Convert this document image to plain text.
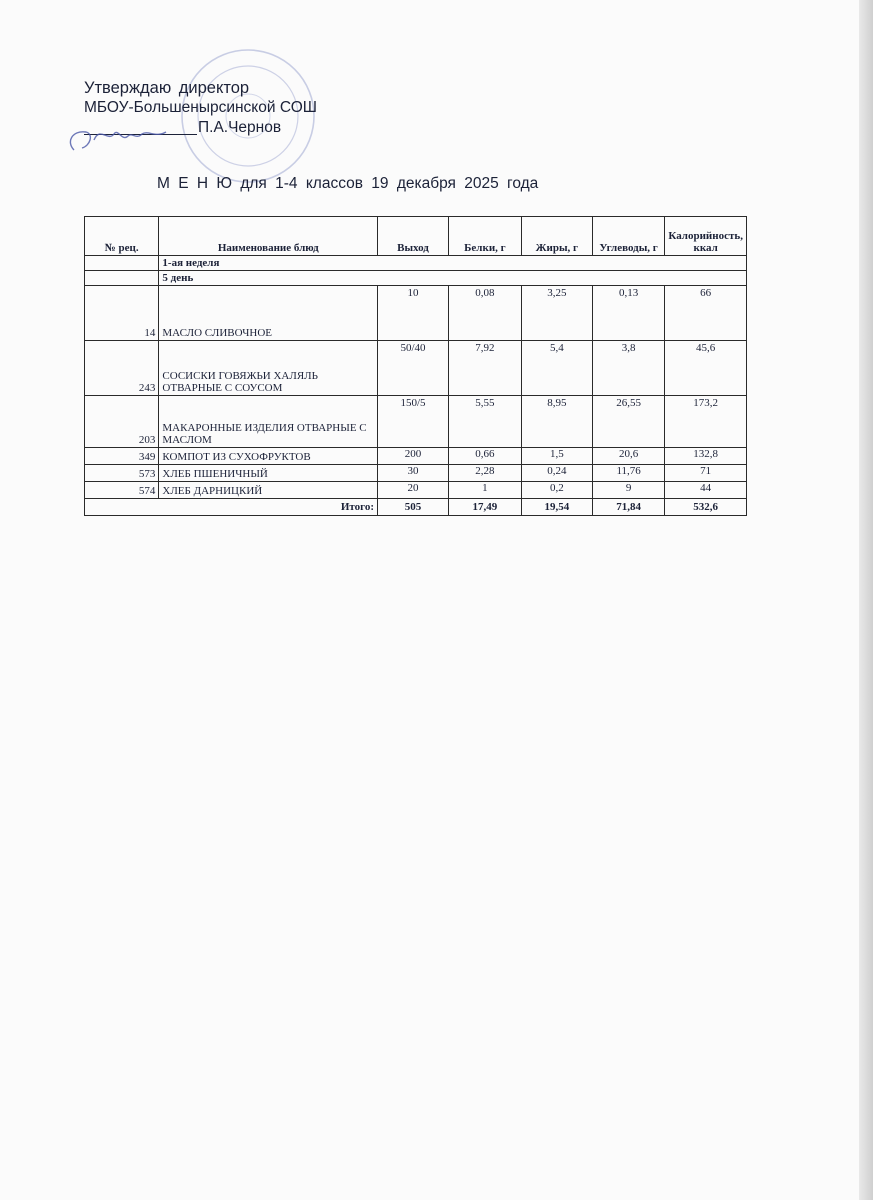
Утверждаю директор
МБОУ-Большенырсинской СОШ
П.А.Чернов
М Е Н Ю для 1-4 классов 19 декабря 2025 года
№ рец.	Наименование блюд	Выход	Белки, г	Жиры, г	Углеводы, г	Калорийность, ккал
	1-ая неделя					
	5 день					
14	МАСЛО СЛИВОЧНОЕ	10	0,08	3,25	0,13	66
243	СОСИСКИ ГОВЯЖЬИ ХАЛЯЛЬ ОТВАРНЫЕ С СОУСОМ	50/40	7,92	5,4	3,8	45,6
203	МАКАРОННЫЕ ИЗДЕЛИЯ ОТВАРНЫЕ С МАСЛОМ	150/5	5,55	8,95	26,55	173,2
349	КОМПОТ ИЗ СУХОФРУКТОВ	200	0,66	1,5	20,6	132,8
573	ХЛЕБ ПШЕНИЧНЫЙ	30	2,28	0,24	11,76	71
574	ХЛЕБ ДАРНИЦКИЙ	20	1	0,2	9	44
Итого:		505	17,49	19,54	71,84	532,6
